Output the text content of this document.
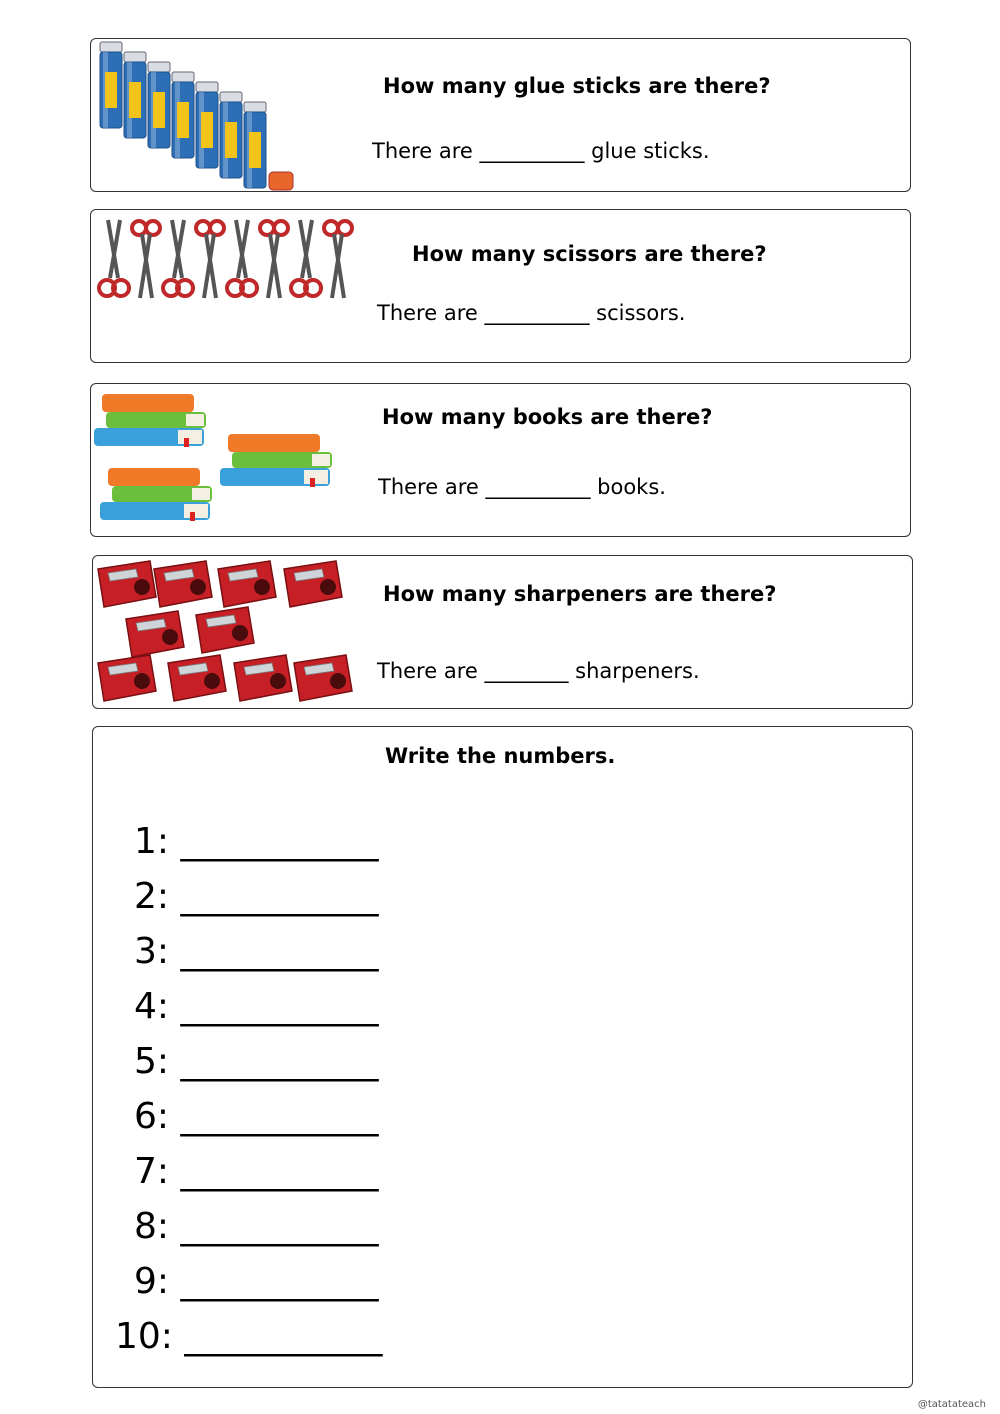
How many glue sticks are there?
There are __________ glue sticks.
How many scissors are there?
There are __________ scissors.
How many books are there?
There are __________ books.
How many sharpeners are there?
There are ________ sharpeners.
Write the numbers.
1: ___________
2: ___________
3: ___________
4: ___________
5: ___________
6: ___________
7: ___________
8: ___________
9: ___________
10: ___________
@tatatateach
